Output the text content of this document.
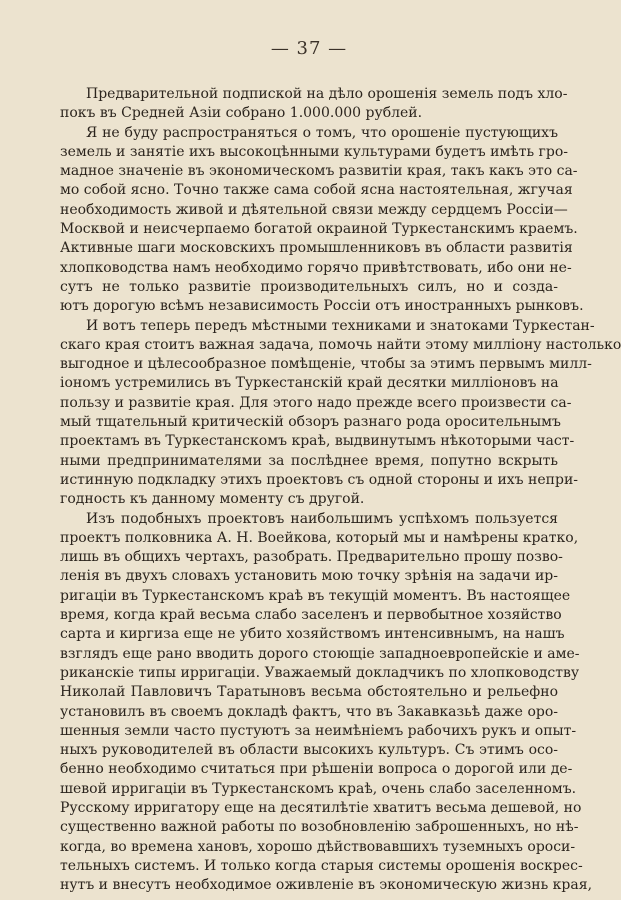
— 37 —
Предварительной подпиской на дѣло орошенія земель подъ хло-
покъ въ Средней Азіи собрано 1.000.000 рублей.
Я не буду распространяться о томъ, что орошеніе пустующихъ
земель и занятіе ихъ высокоцѣнными культурами будетъ имѣть гро-
мадное значеніе въ экономическомъ развитіи края, такъ какъ это са-
мо собой ясно. Точно также сама собой ясна настоятельная, жгучая
необходимость живой и дѣятельной связи между сердцемъ Россіи—
Москвой и неисчерпаемо богатой окраиной Туркестанскимъ краемъ.
Активные шаги московскихъ промышленниковъ въ области развитія
хлопководства намъ необходимо горячо привѣтствовать, ибо они не-
сутъ не только развитіе производительныхъ силъ, но и созда-
ютъ дорогую всѣмъ независимость Россіи отъ иностранныхъ рынковъ.
И вотъ теперь передъ мѣстными техниками и знатоками Туркестан-
скаго края стоитъ важная задача, помочь найти этому милліону настолько
выгодное и цѣлесообразное помѣщеніе, чтобы за этимъ первымъ милл-
іономъ устремились въ Туркестанскій край десятки милліоновъ на
пользу и развитіе края. Для этого надо прежде всего произвести са-
мый тщательный критическій обзоръ разнаго рода оросительнымъ
проектамъ въ Туркестанскомъ краѣ, выдвинутымъ нѣкоторыми част-
ными предпринимателями за послѣднее время, попутно вскрыть
истинную подкладку этихъ проектовъ съ одной стороны и ихъ непри-
годность къ данному моменту съ другой.
Изъ подобныхъ проектовъ наибольшимъ успѣхомъ пользуется
проектъ полковника А. Н. Воейкова, который мы и намѣрены кратко,
лишь въ общихъ чертахъ, разобрать. Предварительно прошу позво-
ленія въ двухъ словахъ установить мою точку зрѣнія на задачи ир-
ригаціи въ Туркестанскомъ краѣ въ текущій моментъ. Въ настоящее
время, когда край весьма слабо заселенъ и первобытное хозяйство
сарта и киргиза еще не убито хозяйствомъ интенсивнымъ, на нашъ
взглядъ еще рано вводить дорого стоющіе западноевропейскіе и аме-
риканскіе типы ирригаціи. Уважаемый докладчикъ по хлопководству
Николай Павловичъ Таратыновъ весьма обстоятельно и рельефно
установилъ въ своемъ докладѣ фактъ, что въ Закавказьѣ даже оро-
шенныя земли часто пустуютъ за неимѣніемъ рабочихъ рукъ и опыт-
ныхъ руководителей въ области высокихъ культуръ. Съ этимъ осо-
бенно необходимо считаться при рѣшеніи вопроса о дорогой или де-
шевой ирригаціи въ Туркестанскомъ краѣ, очень слабо заселенномъ.
Русскому ирригатору еще на десятилѣтіе хватитъ весьма дешевой, но
существенно важной работы по возобновленію заброшенныхъ, но нѣ-
когда, во времена хановъ, хорошо дѣйствовавшихъ туземныхъ ороси-
тельныхъ системъ. И только когда старыя системы орошенія воскрес-
нутъ и внесутъ необходимое оживленіе въ экономическую жизнь края,
